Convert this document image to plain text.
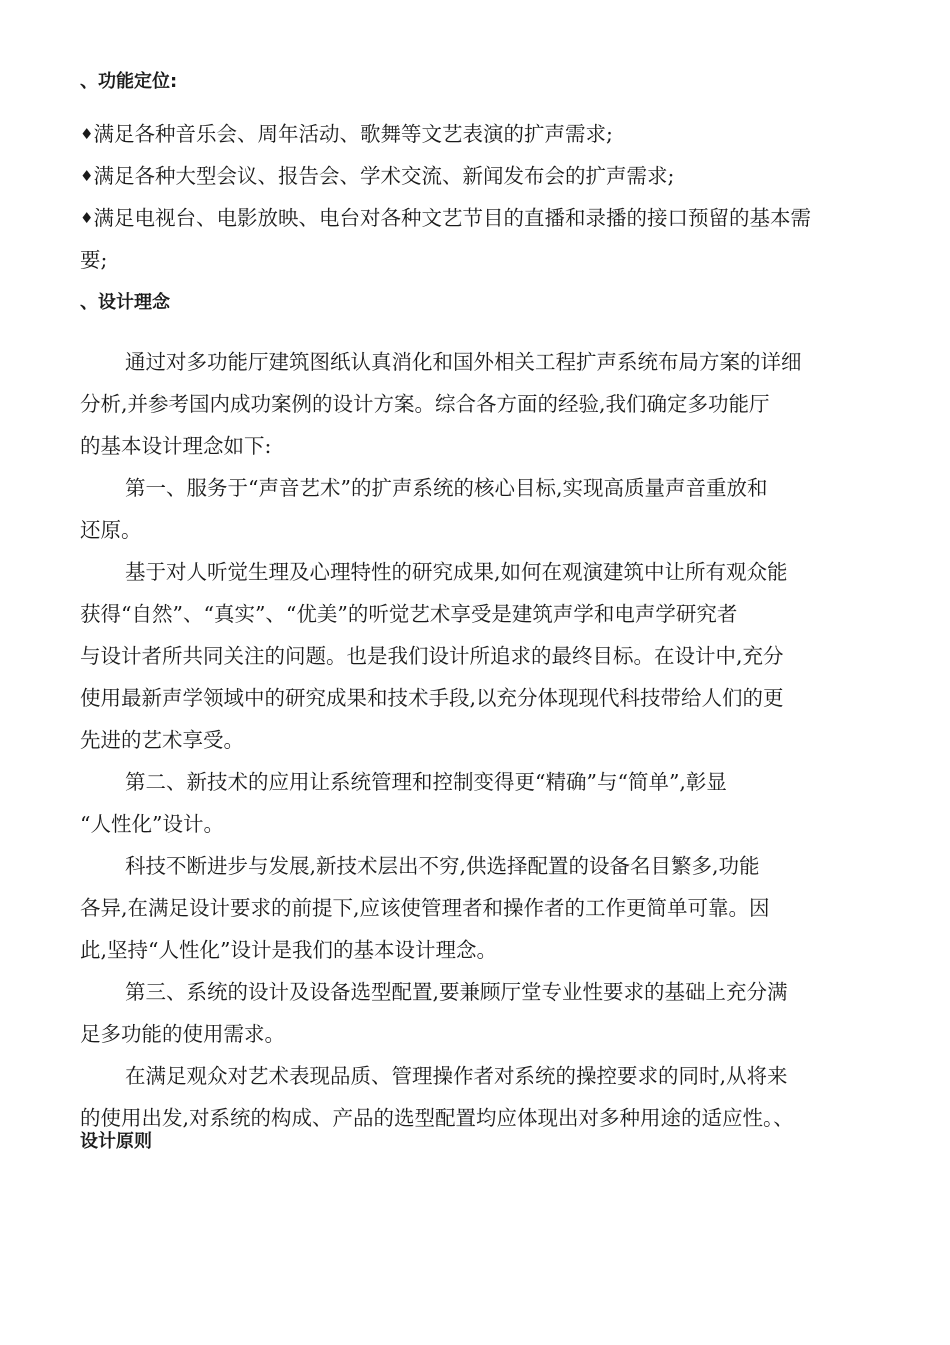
、功能定位:
♦满足各种音乐会、周年活动、歌舞等文艺表演的扩声需求;
♦满足各种大型会议、报告会、学术交流、新闻发布会的扩声需求;
♦满足电视台、电影放映、电台对各种文艺节目的直播和录播的接口预留的基本需
要;
、设计理念
通过对多功能厅建筑图纸认真消化和国外相关工程扩声系统布局方案的详细
分析,并参考国内成功案例的设计方案。综合各方面的经验,我们确定多功能厅
的基本设计理念如下:
第一、服务于“声音艺术”的扩声系统的核心目标,实现高质量声音重放和
还原。
基于对人听觉生理及心理特性的研究成果,如何在观演建筑中让所有观众能
获得“自然”、“真实”、“优美”的听觉艺术享受是建筑声学和电声学研究者
与设计者所共同关注的问题。也是我们设计所追求的最终目标。在设计中,充分
使用最新声学领域中的研究成果和技术手段,以充分体现现代科技带给人们的更
先进的艺术享受。
第二、新技术的应用让系统管理和控制变得更“精确”与“简单”,彰显
“人性化”设计。
科技不断进步与发展,新技术层出不穷,供选择配置的设备名目繁多,功能
各异,在满足设计要求的前提下,应该使管理者和操作者的工作更简单可靠。因
此,坚持“人性化”设计是我们的基本设计理念。
第三、系统的设计及设备选型配置,要兼顾厅堂专业性要求的基础上充分满
足多功能的使用需求。
在满足观众对艺术表现品质、管理操作者对系统的操控要求的同时,从将来
的使用出发,对系统的构成、产品的选型配置均应体现出对多种用途的适应性。、
设计原则
